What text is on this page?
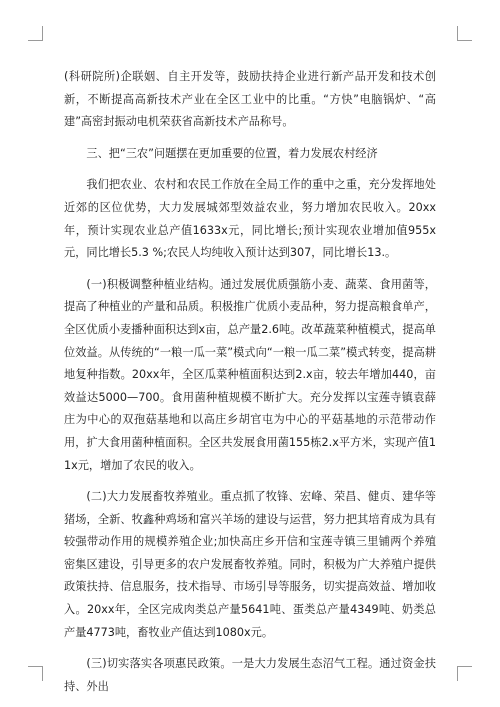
(科研院所)企联姻、自主开发等，鼓励扶持企业进行新产品开发和技术创新，不断提高高新技术产业在全区工业中的比重。“方快”电脑锅炉、“高建”高密封振动电机荣获省高新技术产品称号。

三、把“三农”问题摆在更加重要的位置，着力发展农村经济

我们把农业、农村和农民工作放在全局工作的重中之重，充分发挥地处近郊的区位优势，大力发展城郊型效益农业，努力增加农民收入。20xx年，预计实现农业总产值1633x元，同比增长;预计实现农业增加值955x元，同比增长5.3 %;农民人均纯收入预计达到307，同比增长13.。

(一)积极调整种植业结构。通过发展优质强筋小麦、蔬菜、食用菌等，提高了种植业的产量和品质。积极推广优质小麦品种，努力提高粮食单产，全区优质小麦播种面积达到x亩，总产量2.6吨。改革蔬菜种植模式，提高单位效益。从传统的“一粮一瓜一菜”模式向“一粮一瓜二菜”模式转变，提高耕地复种指数。20xx年，全区瓜菜种植面积达到2.x亩，较去年增加440，亩效益达5000—700。食用菌种植规模不断扩大。充分发挥以宝莲寺镇袁薛庄为中心的双孢菇基地和以高庄乡胡官屯为中心的平菇基地的示范带动作用，扩大食用菌种植面积。全区共发展食用菌155栋2.x平方米，实现产值11x元，增加了农民的收入。

(二)大力发展畜牧养殖业。重点抓了牧锋、宏峰、荣昌、健贞、建华等猪场，全新、牧鑫种鸡场和富兴羊场的建设与运营，努力把其培育成为具有较强带动作用的规模养殖企业;加快高庄乡开信和宝莲寺镇三里铺两个养殖密集区建设，引导更多的农户发展畜牧养殖。同时，积极为广大养殖户提供政策扶持、信息服务，技术指导、市场引导等服务，切实提高效益、增加收入。20xx年，全区完成肉类总产量5641吨、蛋类总产量4349吨、奶类总产量4773吨，畜牧业产值达到1080x元。

(三)切实落实各项惠民政策。一是大力发展生态沼气工程。通过资金扶持、外出
